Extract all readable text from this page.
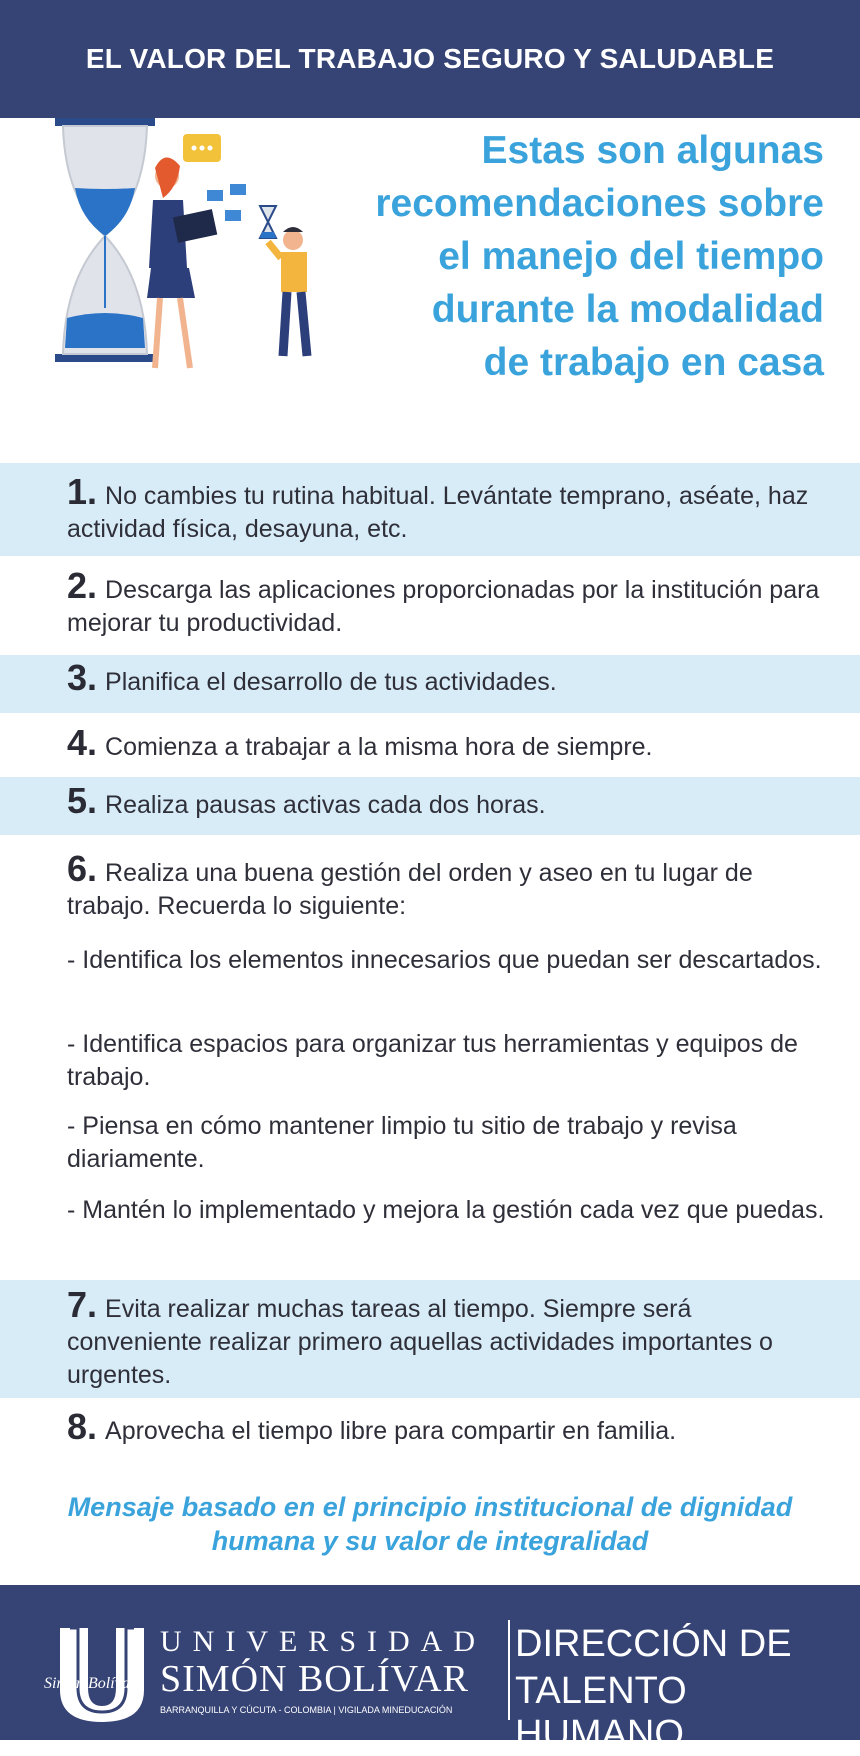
EL VALOR DEL TRABAJO SEGURO Y SALUDABLE
Estas son algunas
recomendaciones sobre
el manejo del tiempo
durante la modalidad
de trabajo en casa
1. No cambies tu rutina habitual. Levántate temprano, aséate, haz actividad física, desayuna, etc.
2. Descarga las aplicaciones proporcionadas por la institución para mejorar tu productividad.
3. Planifica el desarrollo de tus actividades.
4. Comienza a trabajar a la misma hora de siempre.
5. Realiza pausas activas cada dos horas.
6. Realiza una buena gestión del orden y aseo en tu lugar de trabajo. Recuerda lo siguiente:
- Identifica los elementos innecesarios que puedan ser descartados.
- Identifica espacios para organizar tus herramientas y equipos de trabajo.
- Piensa en cómo mantener limpio tu sitio de trabajo y revisa diariamente.
- Mantén lo implementado y mejora la gestión cada vez que puedas.
7. Evita realizar muchas tareas al tiempo. Siempre será conveniente realizar primero aquellas actividades importantes o urgentes.
8. Aprovecha el tiempo libre para compartir en familia.
Mensaje basado en el principio institucional de dignidad
humana y su valor de integralidad
Simon Bolívar
UNIVERSIDAD
SIMÓN BOLÍVAR
BARRANQUILLA Y CÚCUTA - COLOMBIA | VIGILADA MINEDUCACIÓN
DIRECCIÓN DE
TALENTO HUMANO
